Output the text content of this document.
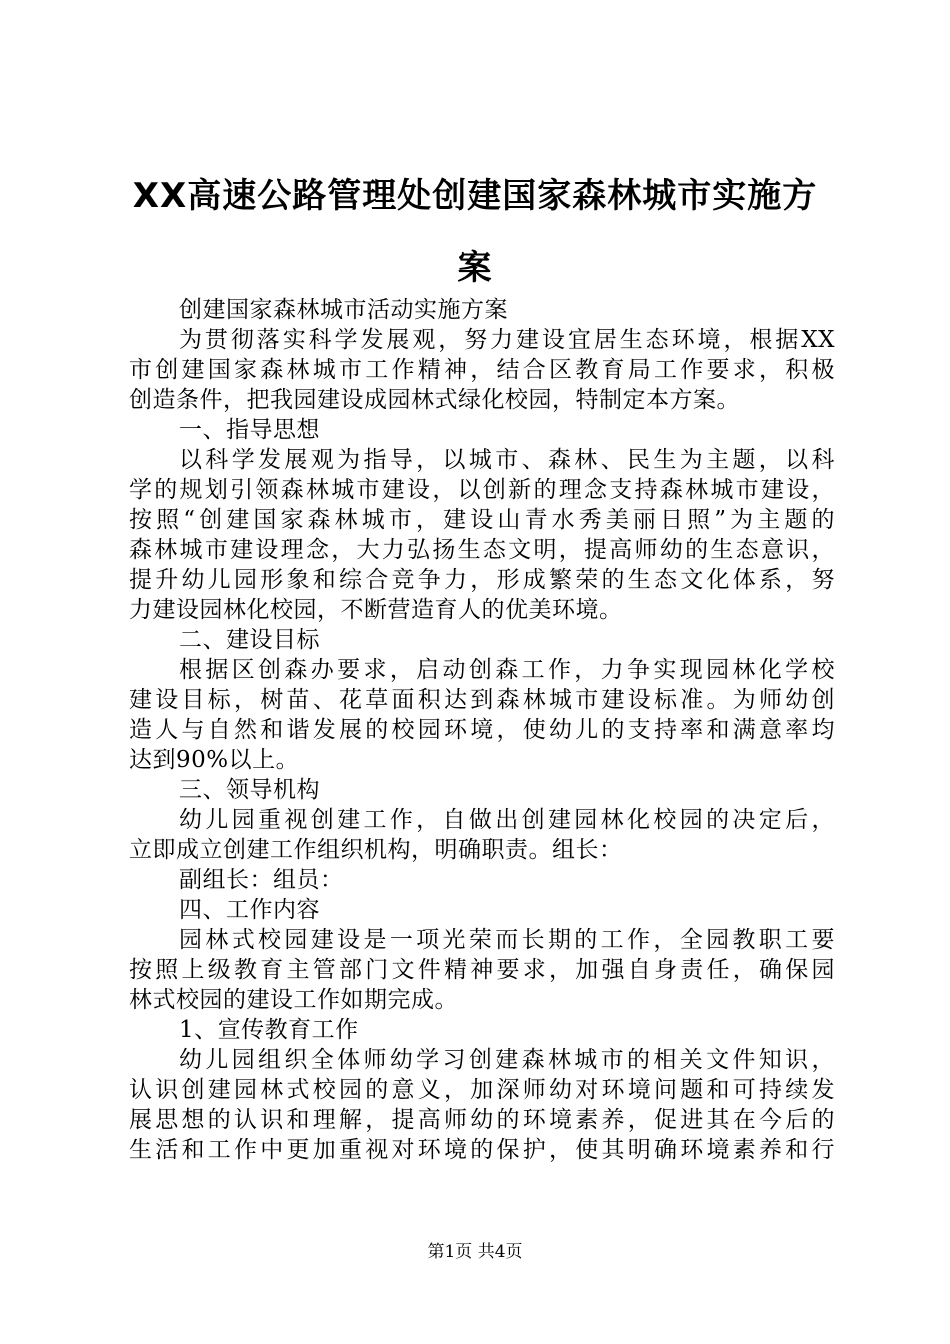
XX高速公路管理处创建国家森林城市实施方
案
创建国家森林城市活动实施方案
为贯彻落实科学发展观，努力建设宜居生态环境，根据XX
市创建国家森林城市工作精神，结合区教育局工作要求，积极
创造条件，把我园建设成园林式绿化校园，特制定本方案。
一、指导思想
以科学发展观为指导，以城市、森林、民生为主题，以科
学的规划引领森林城市建设，以创新的理念支持森林城市建设，
按照“创建国家森林城市，建设山青水秀美丽日照”为主题的
森林城市建设理念，大力弘扬生态文明，提高师幼的生态意识，
提升幼儿园形象和综合竞争力，形成繁荣的生态文化体系，努
力建设园林化校园，不断营造育人的优美环境。
二、建设目标
根据区创森办要求，启动创森工作，力争实现园林化学校
建设目标，树苗、花草面积达到森林城市建设标准。为师幼创
造人与自然和谐发展的校园环境，使幼儿的支持率和满意率均
达到90%以上。
三、领导机构
幼儿园重视创建工作，自做出创建园林化校园的决定后，
立即成立创建工作组织机构，明确职责。组长：
副组长：组员：
四、工作内容
园林式校园建设是一项光荣而长期的工作，全园教职工要
按照上级教育主管部门文件精神要求，加强自身责任，确保园
林式校园的建设工作如期完成。
1、宣传教育工作
幼儿园组织全体师幼学习创建森林城市的相关文件知识，
认识创建园林式校园的意义，加深师幼对环境问题和可持续发
展思想的认识和理解，提高师幼的环境素养，促进其在今后的
生活和工作中更加重视对环境的保护，使其明确环境素养和行
第1页 共4页
